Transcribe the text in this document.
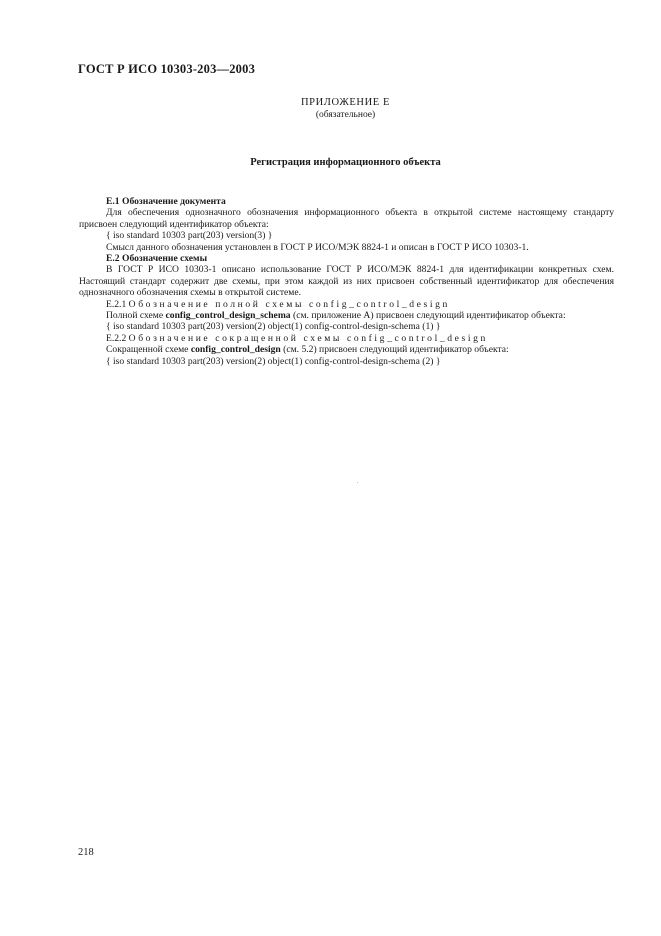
ГОСТ Р ИСО 10303-203—2003
ПРИЛОЖЕНИЕ Е
(обязательное)
Регистрация информационного объекта

Е.1 Обозначение документа

Для обеспечения однозначного обозначения информационного объекта в открытой системе настоящему стандарту присвоен следующий идентификатор объекта:

{ iso standard 10303 part(203) version(3) }

Смысл данного обозначения установлен в ГОСТ Р ИСО/МЭК 8824-1 и описан в ГОСТ Р ИСО 10303-1.

Е.2 Обозначение схемы

В ГОСТ Р ИСО 10303-1 описано использование ГОСТ Р ИСО/МЭК 8824-1 для идентификации конкретных схем. Настоящий стандарт содержит две схемы, при этом каждой из них присвоен собственный идентификатор для обеспечения однозначного обозначения схемы в открытой системе.

Е.2.1 Обозначение полной схемы config_control_design

Полной схеме config_control_design_schema (см. приложение А) присвоен следующий идентификатор объекта:

{ iso standard 10303 part(203) version(2) object(1) config-control-design-schema (1) }

Е.2.2 Обозначение сокращенной схемы config_control_design

Сокращенной схеме config_control_design (см. 5.2) присвоен следующий идентификатор объекта:

{ iso standard 10303 part(203) version(2) object(1) config-control-design-schema (2) }

218
